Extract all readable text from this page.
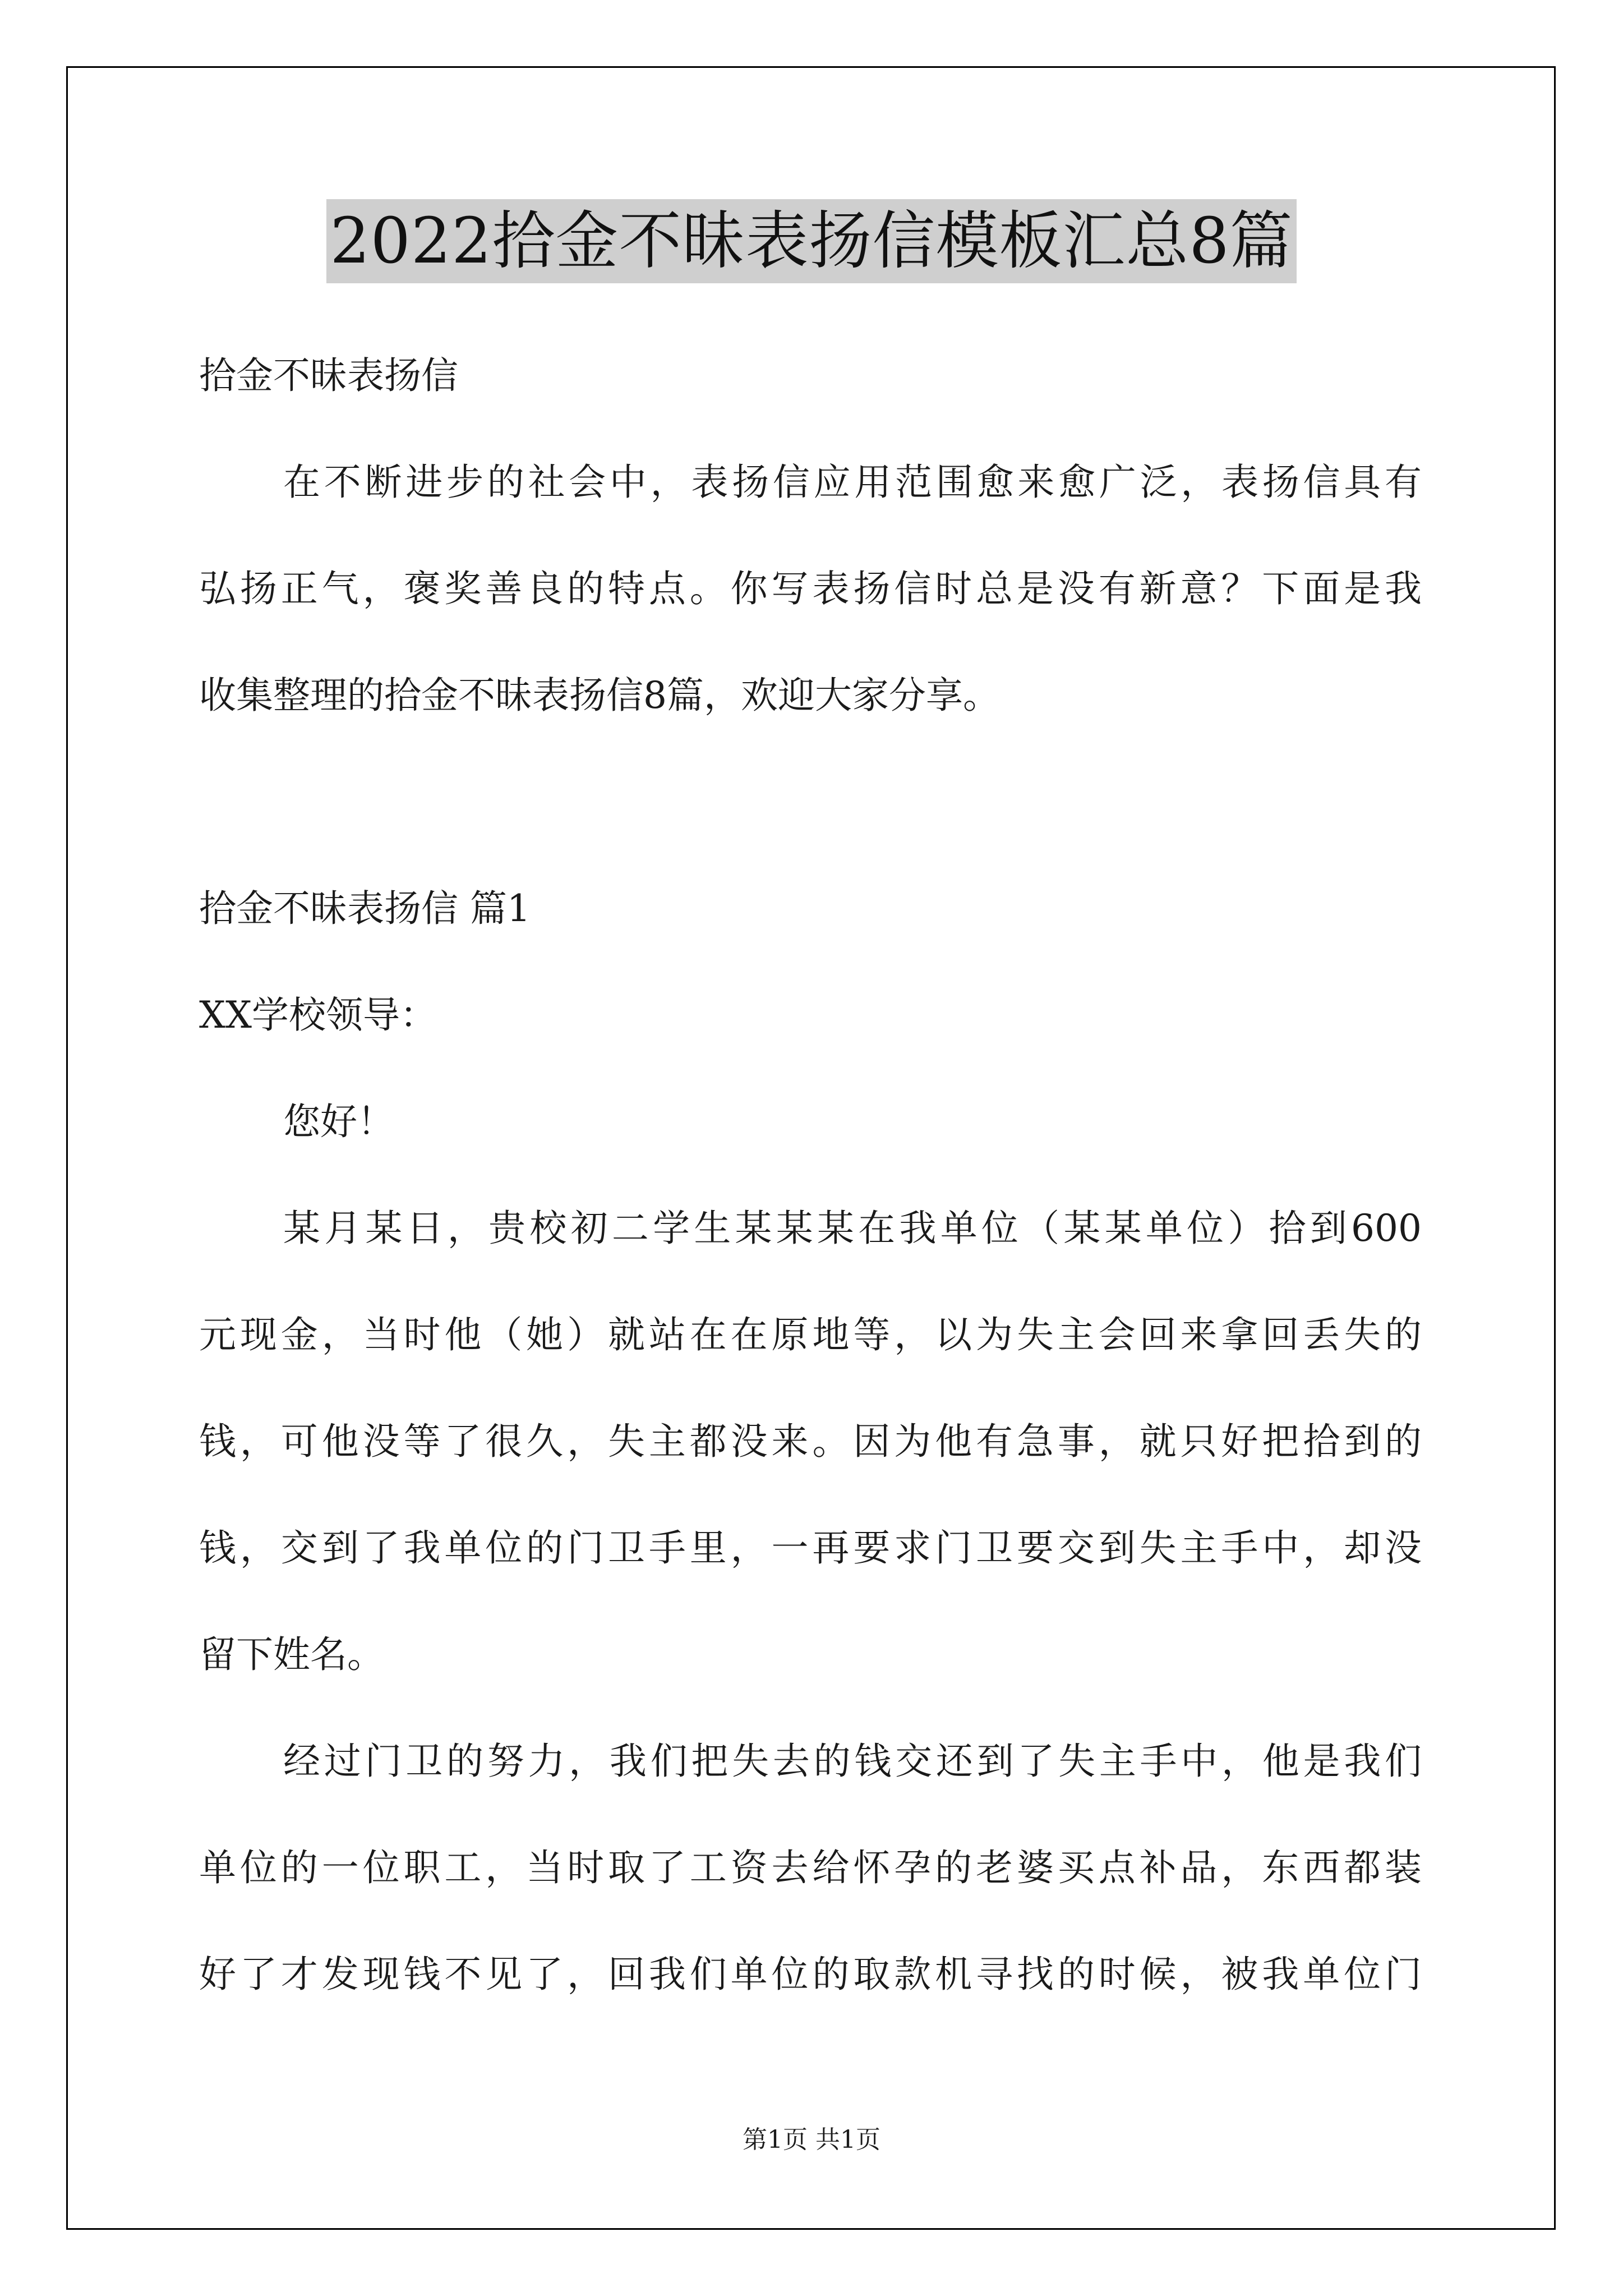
2022拾金不昧表扬信模板汇总8篇
拾金不昧表扬信
在不断进步的社会中，表扬信应用范围愈来愈广泛，表扬信具有
弘扬正气，褒奖善良的特点。你写表扬信时总是没有新意？下面是我
收集整理的拾金不昧表扬信8篇，欢迎大家分享。
拾金不昧表扬信 篇1
XX学校领导：
您好！
某月某日，贵校初二学生某某某在我单位（某某单位）拾到600
元现金，当时他（她）就站在在原地等，以为失主会回来拿回丢失的
钱，可他没等了很久，失主都没来。因为他有急事，就只好把拾到的
钱，交到了我单位的门卫手里，一再要求门卫要交到失主手中，却没
留下姓名。
经过门卫的努力，我们把失去的钱交还到了失主手中，他是我们
单位的一位职工，当时取了工资去给怀孕的老婆买点补品，东西都装
好了才发现钱不见了，回我们单位的取款机寻找的时候，被我单位门
第1页 共1页
